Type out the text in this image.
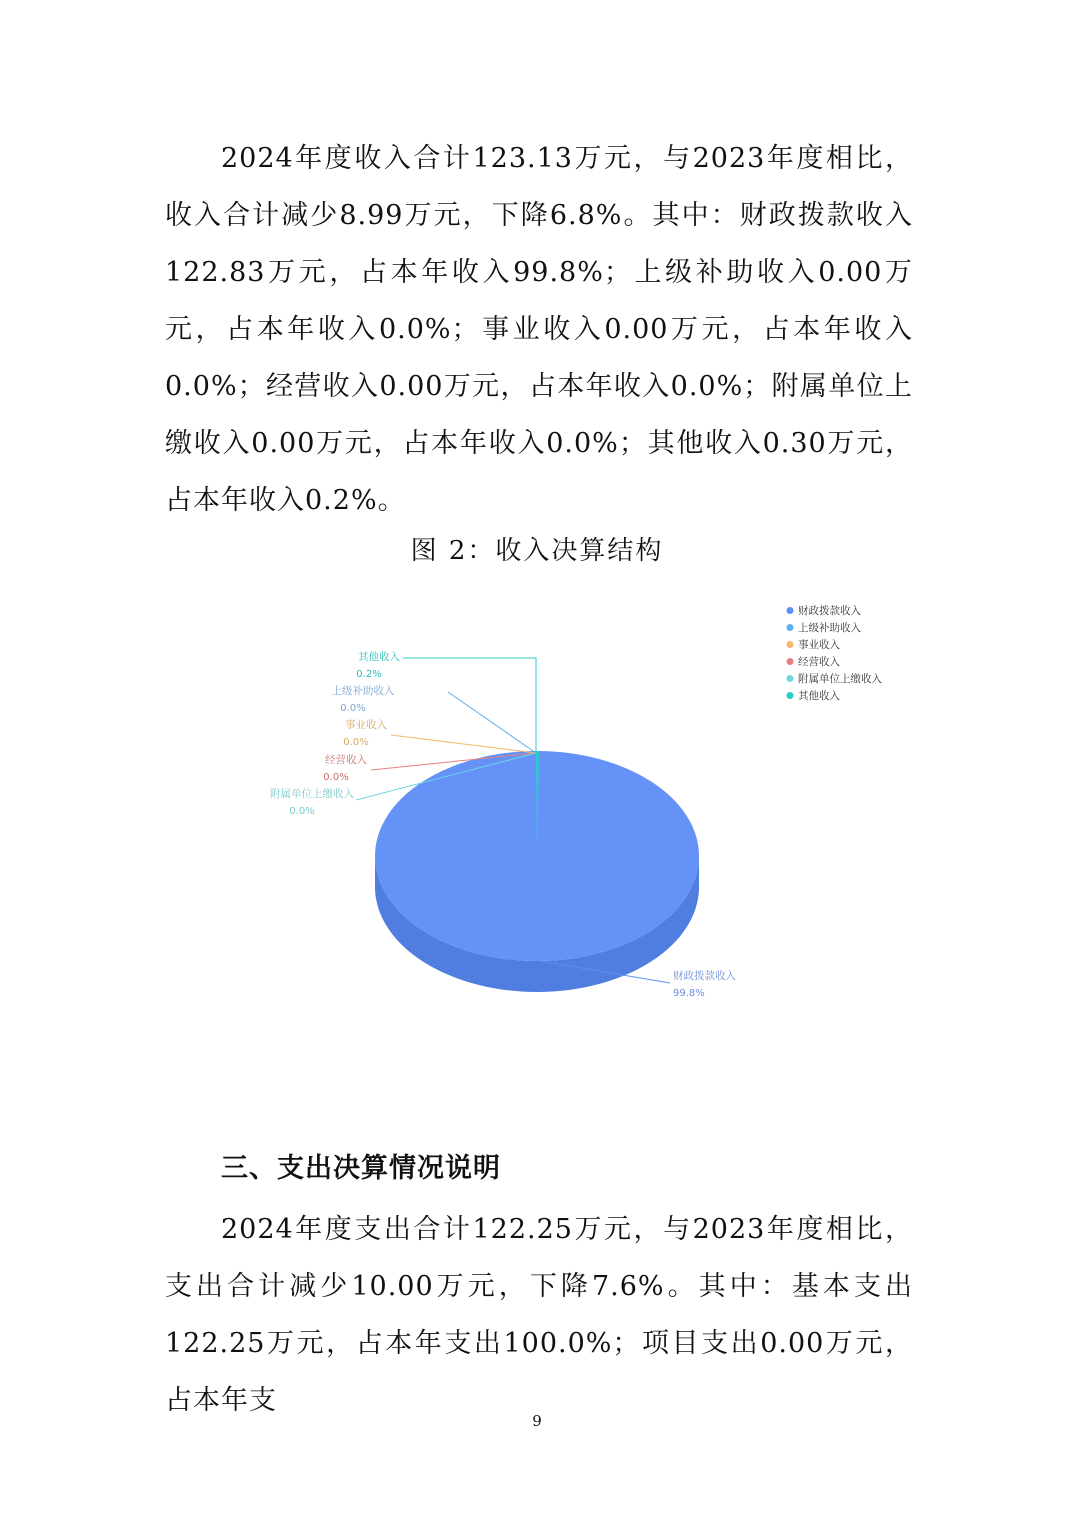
2024年度收入合计123.13万元，与2023年度相比，收入合计减少8.99万元，下降6.8%。其中：财政拨款收入122.83万元，占本年收入99.8%；上级补助收入0.00万元，占本年收入0.0%；事业收入0.00万元，占本年收入0.0%；经营收入0.00万元，占本年收入0.0%；附属单位上缴收入0.00万元，占本年收入0.0%；其他收入0.30万元，占本年收入0.2%。

图 2：收入决算结构
财政拨款收入
99.8%
上级补助收入
0.0%
事业收入
0.0%
经营收入
0.0%
附属单位上缴收入
0.0%
其他收入
0.2%
财政拨款收入
上级补助收入
事业收入
经营收入
附属单位上缴收入
其他收入
三、支出决算情况说明

2024年度支出合计122.25万元，与2023年度相比，支出合计减少10.00万元，下降7.6%。其中：基本支出122.25万元，占本年支出100.0%；项目支出0.00万元，占本年支

9
